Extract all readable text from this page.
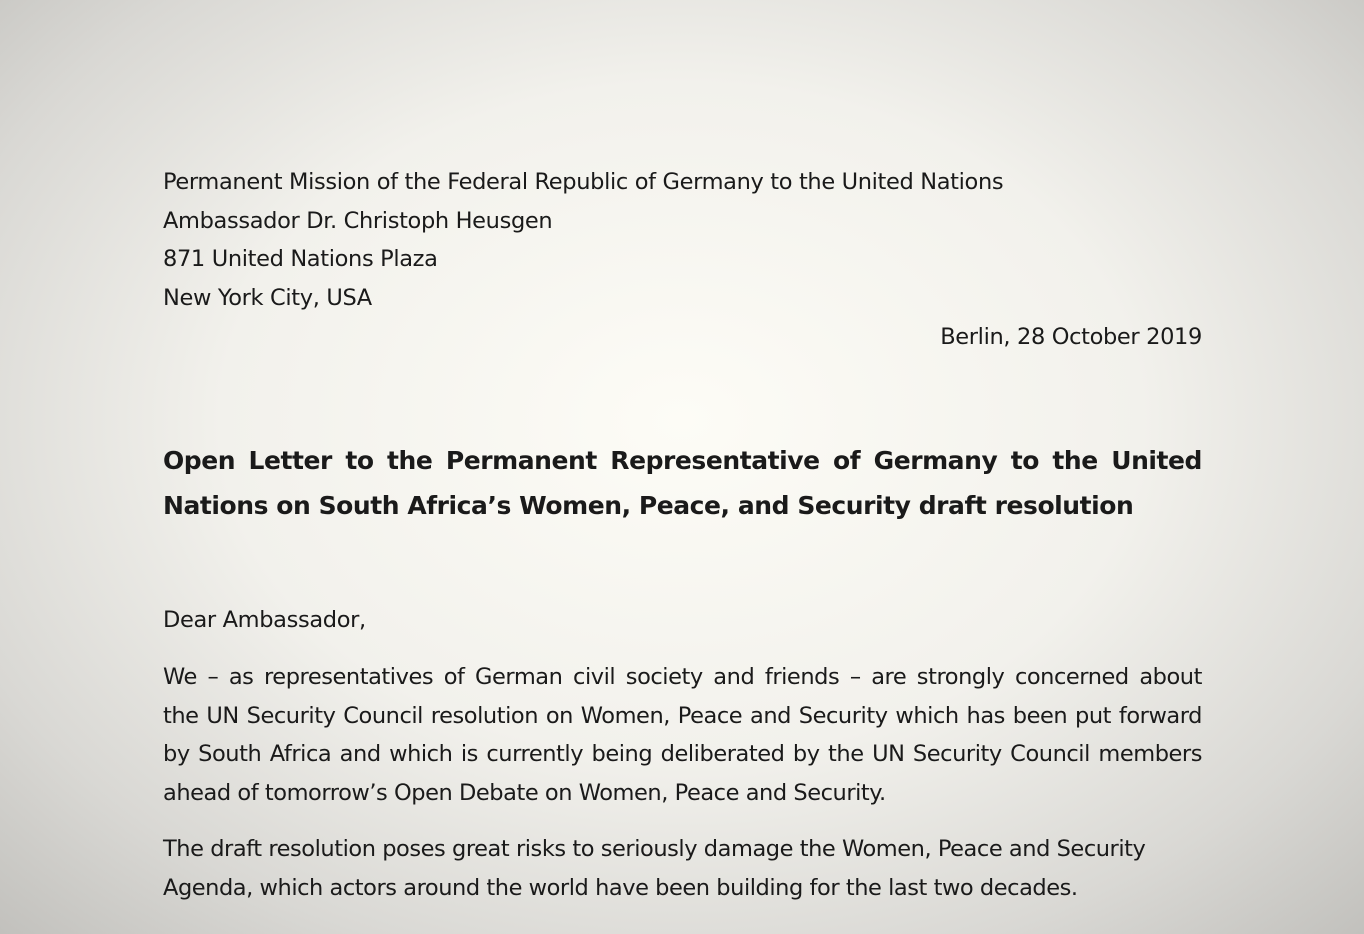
Permanent Mission of the Federal Republic of Germany to the United Nations
Ambassador Dr. Christoph Heusgen
871 United Nations Plaza
New York City, USA
Berlin, 28 October 2019
Open Letter to the Permanent Representative of Germany to the United
Nations on South Africa’s Women, Peace, and Security draft resolution
Dear Ambassador,
We – as representatives of German civil society and friends – are strongly concerned about
the UN Security Council resolution on Women, Peace and Security which has been put forward
by South Africa and which is currently being deliberated by the UN Security Council members
ahead of tomorrow’s Open Debate on Women, Peace and Security.
The draft resolution poses great risks to seriously damage the Women, Peace and Security
Agenda, which actors around the world have been building for the last two decades.
